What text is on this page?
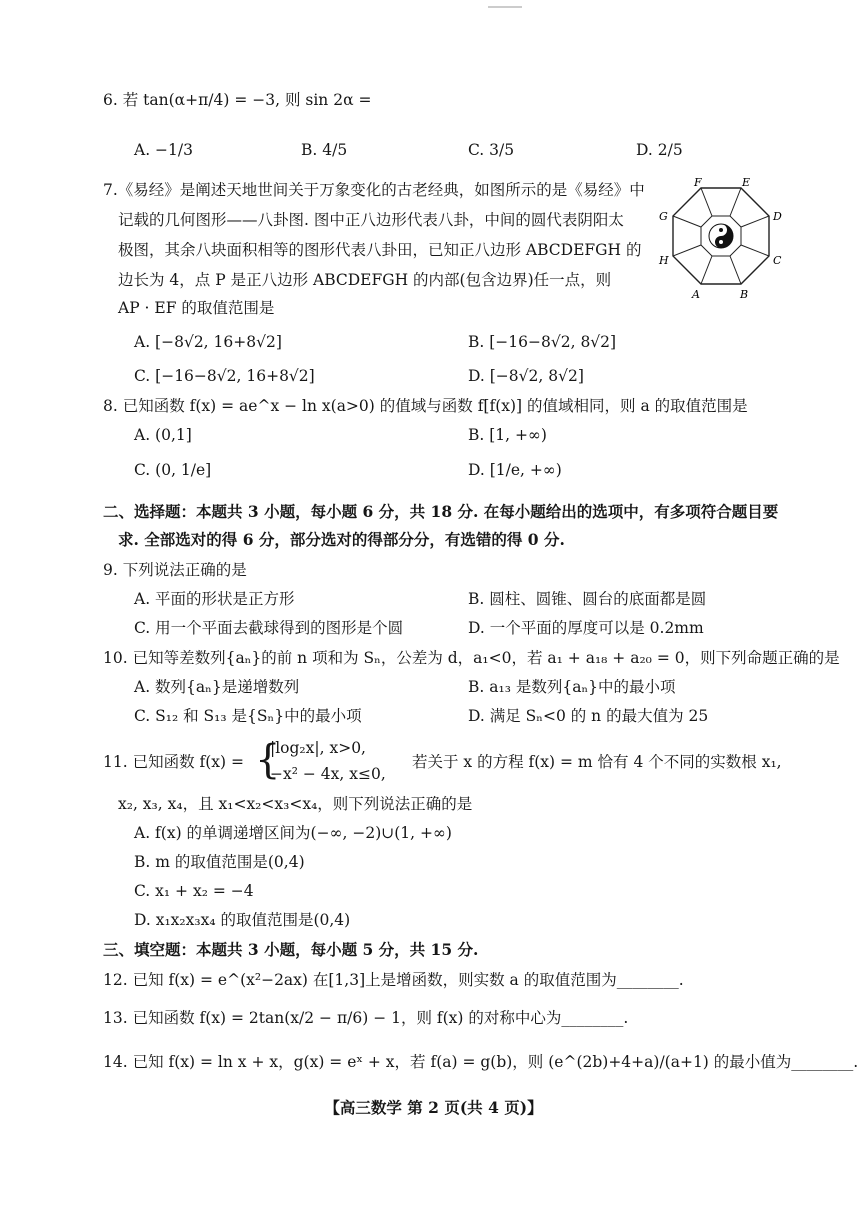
6. 若 tan(α+π/4) = −3, 则 sin 2α =
A. −1/3	B. 4/5	C. 3/5	D. 2/5
7.《易经》是阐述天地世间关于万象变化的古老经典，如图所示的是《易经》中
记载的几何图形——八卦图. 图中正八边形代表八卦，中间的圆代表阴阳太
极图，其余八块面积相等的图形代表八卦田，已知正八边形 ABCDEFGH 的
边长为 4，点 P 是正八边形 ABCDEFGH 的内部(包含边界)任一点，则
AP · EF 的取值范围是
E
F
G	D
C
H
A	B
A. [−8√2, 16+8√2]	B. [−16−8√2, 8√2]
C. [−16−8√2, 16+8√2]	D. [−8√2, 8√2]
8. 已知函数 f(x) = ae^x − ln x(a>0) 的值域与函数 f[f(x)] 的值域相同，则 a 的取值范围是
A. (0,1]	B. [1, +∞)
C. (0, 1/e]	D. [1/e, +∞)
二、选择题：本题共 3 小题，每小题 6 分，共 18 分. 在每小题给出的选项中，有多项符合题目要
求. 全部选对的得 6 分，部分选对的得部分分，有选错的得 0 分.
9. 下列说法正确的是
A. 平面的形状是正方形	B. 圆柱、圆锥、圆台的底面都是圆
C. 用一个平面去截球得到的图形是个圆	D. 一个平面的厚度可以是 0.2mm
10. 已知等差数列{aₙ}的前 n 项和为 Sₙ，公差为 d，a₁<0，若 a₁ + a₁₈ + a₂₀ = 0，则下列命题正确的是
A. 数列{aₙ}是递增数列	B. a₁₃ 是数列{aₙ}中的最小项
C. S₁₂ 和 S₁₃ 是{Sₙ}中的最小项	D. 满足 Sₙ<0 的 n 的最大值为 25
11. 已知函数 f(x) = {
|log₂x|, x>0,
−x² − 4x, x≤0,
若关于 x 的方程 f(x) = m 恰有 4 个不同的实数根 x₁,
x₂, x₃, x₄，且 x₁<x₂<x₃<x₄，则下列说法正确的是
A. f(x) 的单调递增区间为(−∞, −2)∪(1, +∞)
B. m 的取值范围是(0,4)
C. x₁ + x₂ = −4
D. x₁x₂x₃x₄ 的取值范围是(0,4)
三、填空题：本题共 3 小题，每小题 5 分，共 15 分.
12. 已知 f(x) = e^(x²−2ax) 在[1,3]上是增函数，则实数 a 的取值范围为________.
13. 已知函数 f(x) = 2tan(x/2 − π/6) − 1，则 f(x) 的对称中心为________.
14. 已知 f(x) = ln x + x，g(x) = eˣ + x，若 f(a) = g(b)，则 (e^(2b)+4+a)/(a+1) 的最小值为________.
【高三数学 第 2 页(共 4 页)】
